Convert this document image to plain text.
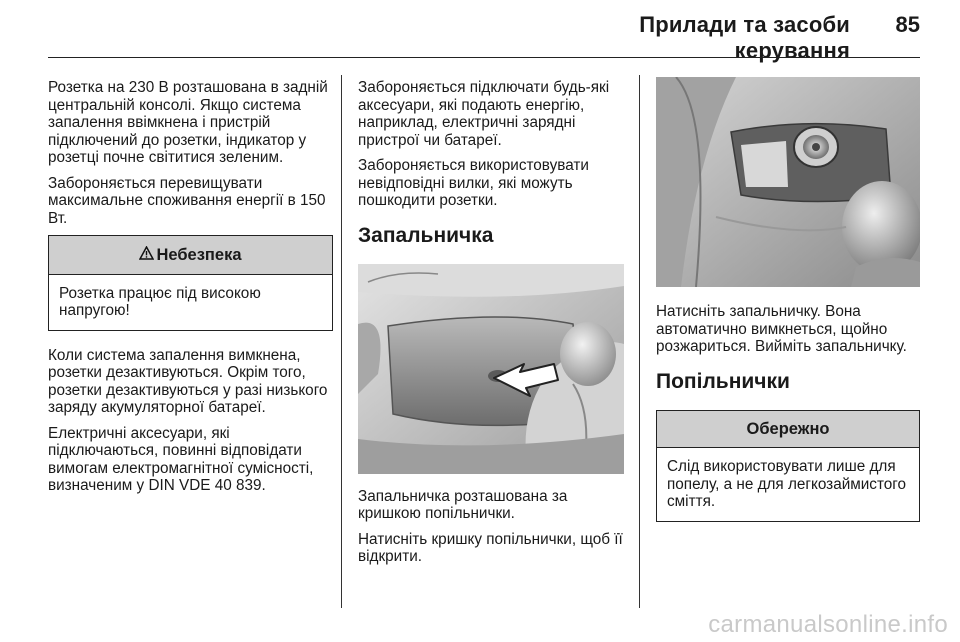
Прилади та засоби керування
85

Розетка на 230 В розташована в задній центральній консолі. Якщо система запалення ввімкнена і пристрій підключений до розетки, індикатор у розетці почне світитися зеленим.

Забороняється перевищувати максимальне споживання енергії в 150 Вт.

Небезпека
Розетка працює під високою напругою!

Коли система запалення вимкнена, розетки дезактивуються. Окрім того, розетки дезактивуються у разі низького заряду акумуляторної батареї.

Електричні аксесуари, які підключаються, повинні відповідати вимогам електромагнітної сумісності, визначеним у DIN VDE 40 839.

Забороняється підключати будь-які аксесуари, які подають енергію, наприклад, електричні зарядні пристрої чи батареї.

Забороняється використовувати невідповідні вилки, які можуть пошкодити розетки.

Запальничка

Запальничка розташована за кришкою попільнички.

Натисніть кришку попільнички, щоб її відкрити.

Натисніть запальничку. Вона автоматично вимкнеться, щойно розжариться. Вийміть запальничку.

Попільнички
Обережно
Слід використовувати лише для попелу, а не для легкозаймистого сміття.
carmanualsonline.info
